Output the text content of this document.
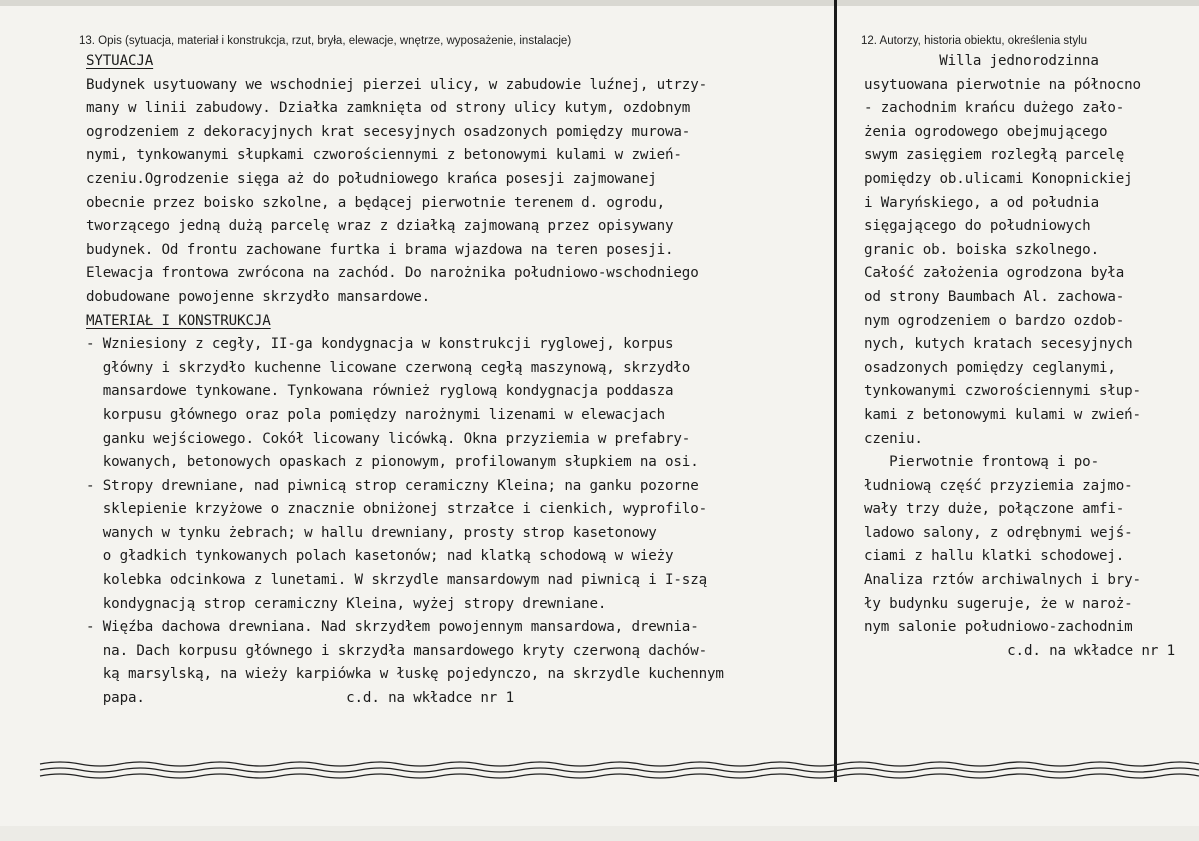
13. Opis (sytuacja, materiał i konstrukcja, rzut, bryła, elewacje, wnętrze, wyposażenie, instalacje)
SYTUACJA
Budynek usytuowany we wschodniej pierzei ulicy, w zabudowie luźnej, utrzy-
many w linii zabudowy. Działka zamknięta od strony ulicy kutym, ozdobnym
ogrodzeniem z dekoracyjnych krat secesyjnych osadzonych pomiędzy murowa-
nymi, tynkowanymi słupkami czworościennymi z betonowymi kulami w zwień-
czeniu.Ogrodzenie sięga aż do południowego krańca posesji zajmowanej
obecnie przez boisko szkolne, a będącej pierwotnie terenem d. ogrodu,
tworzącego jedną dużą parcelę wraz z działką zajmowaną przez opisywany
budynek. Od frontu zachowane furtka i brama wjazdowa na teren posesji.
Elewacja frontowa zwrócona na zachód. Do narożnika południowo-wschodniego
dobudowane powojenne skrzydło mansardowe.
MATERIAŁ I KONSTRUKCJA
- Wzniesiony z cegły, II-ga kondygnacja w konstrukcji ryglowej, korpus
główny i skrzydło kuchenne licowane czerwoną cegłą maszynową, skrzydło
mansardowe tynkowane. Tynkowana również ryglową kondygnacja poddasza
korpusu głównego oraz pola pomiędzy narożnymi lizenami w elewacjach
ganku wejściowego. Cokół licowany licówką. Okna przyziemia w prefabry-
kowanych, betonowych opaskach z pionowym, profilowanym słupkiem na osi.
- Stropy drewniane, nad piwnicą strop ceramiczny Kleina; na ganku pozorne
sklepienie krzyżowe o znacznie obniżonej strzałce i cienkich, wyprofilo-
wanych w tynku żebrach; w hallu drewniany, prosty strop kasetonowy
o gładkich tynkowanych polach kasetonów; nad klatką schodową w wieży
kolebka odcinkowa z lunetami. W skrzydle mansardowym nad piwnicą i I-szą
kondygnacją strop ceramiczny Kleina, wyżej stropy drewniane.
- Więźba dachowa drewniana. Nad skrzydłem powojennym mansardowa, drewnia-
na. Dach korpusu głównego i skrzydła mansardowego kryty czerwoną dachów-
ką marsylską, na wieży karpiówka w łuskę pojedynczo, na skrzydle kuchennym
papa.                        c.d. na wkładce nr 1
12. Autorzy, historia obiektu, określenia stylu
Willa jednorodzinna
usytuowana pierwotnie na północno
- zachodnim krańcu dużego zało-
żenia ogrodowego obejmującego
swym zasięgiem rozległą parcelę
pomiędzy ob.ulicami Konopnickiej
i Waryńskiego, a od południa
sięgającego do południowych
granic ob. boiska szkolnego.
Całość założenia ogrodzona była
od strony Baumbach Al. zachowa-
nym ogrodzeniem o bardzo ozdob-
nych, kutych kratach secesyjnych
osadzonych pomiędzy ceglanymi,
tynkowanymi czworościennymi słup-
kami z betonowymi kulami w zwień-
czeniu.
Pierwotnie frontową i po-
łudniową część przyziemia zajmo-
wały trzy duże, połączone amfi-
ladowo salony, z odrębnymi wejś-
ciami z hallu klatki schodowej.
Analiza rztów archiwalnych i bry-
ły budynku sugeruje, że w naroż-
nym salonie południowo-zachodnim
c.d. na wkładce nr 1
